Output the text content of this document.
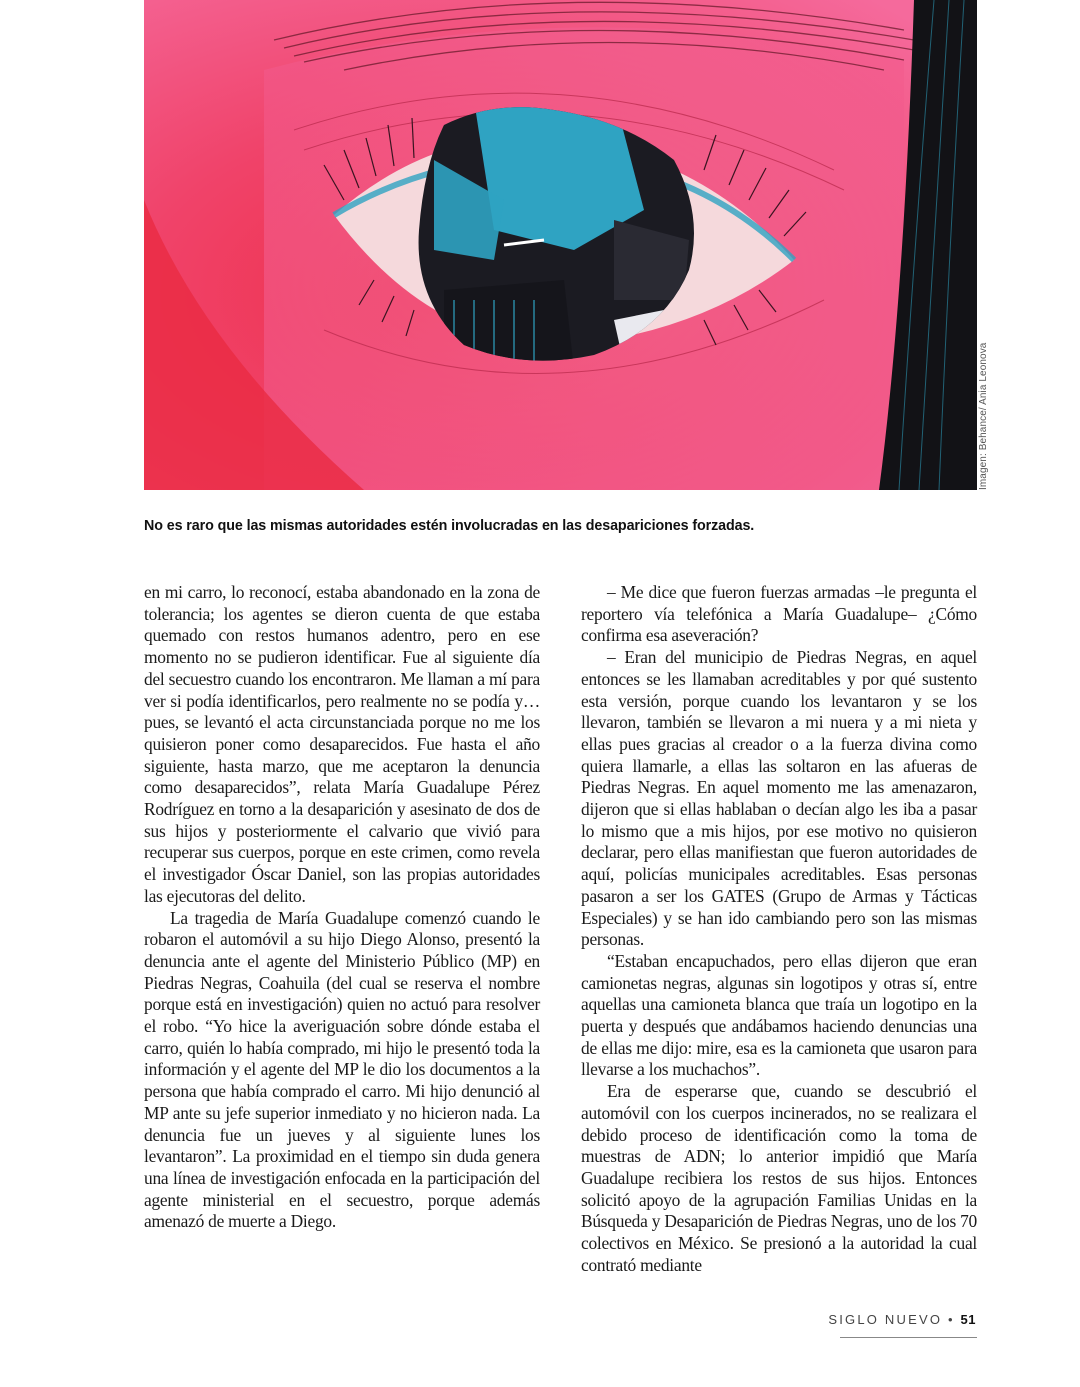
Imagen: Behance/ Ania Leonova
No es raro que las mismas autoridades estén involucradas en las desapariciones forzadas.

en mi carro, lo reconocí, estaba abandonado en la zona de tolerancia; los agentes se dieron cuenta de que estaba quemado con restos humanos adentro, pero en ese momento no se pudieron identificar. Fue al siguiente día del secuestro cuando los encontraron. Me llaman a mí para ver si podía identificarlos, pero realmente no se podía y… pues, se levantó el acta circunstanciada porque no me los quisieron poner como desaparecidos. Fue hasta el año siguiente, hasta marzo, que me aceptaron la denuncia como desaparecidos”, relata María Guadalupe Pérez Rodríguez en torno a la desaparición y asesinato de dos de sus hijos y posteriormente el calvario que vivió para recuperar sus cuerpos, porque en este crimen, como revela el investigador Óscar Daniel, son las propias autoridades las ejecutoras del delito.

La tragedia de María Guadalupe comenzó cuando le robaron el automóvil a su hijo Diego Alonso, presentó la denuncia ante el agente del Ministerio Público (MP) en Piedras Negras, Coahuila (del cual se reserva el nombre porque está en investigación) quien no actuó para resolver el robo. “Yo hice la averiguación sobre dónde estaba el carro, quién lo había comprado, mi hijo le presentó toda la información y el agente del MP le dio los documentos a la persona que había comprado el carro. Mi hijo denunció al MP ante su jefe superior inmediato y no hicieron nada. La denuncia fue un jueves y al siguiente lunes los levantaron”. La proximidad en el tiempo sin duda genera una línea de investigación enfocada en la participación del agente ministerial en el secuestro, porque además amenazó de muerte a Diego.

– Me dice que fueron fuerzas armadas –le pregunta el reportero vía telefónica a María Guadalupe– ¿Cómo confirma esa aseveración?

– Eran del municipio de Piedras Negras, en aquel entonces se les llamaban acreditables y por qué sustento esta versión, porque cuando los levantaron y se los llevaron, también se llevaron a mi nuera y a mi nieta y ellas pues gracias al creador o a la fuerza divina como quiera llamarle, a ellas las soltaron en las afueras de Piedras Negras. En aquel momento me las amenazaron, dijeron que si ellas hablaban o decían algo les iba a pasar lo mismo que a mis hijos, por ese motivo no quisieron declarar, pero ellas manifiestan que fueron autoridades de aquí, policías municipales acreditables. Esas personas pasaron a ser los GATES (Grupo de Armas y Tácticas Especiales) y se han ido cambiando pero son las mismas personas.

“Estaban encapuchados, pero ellas dijeron que eran camionetas negras, algunas sin logotipos y otras sí, entre aquellas una camioneta blanca que traía un logotipo en la puerta y después que andábamos haciendo denuncias una de ellas me dijo: mire, esa es la camioneta que usaron para llevarse a los muchachos”.

Era de esperarse que, cuando se descubrió el automóvil con los cuerpos incinerados, no se realizara el debido proceso de identificación como la toma de muestras de ADN; lo anterior impidió que María Guadalupe recibiera los restos de sus hijos. Entonces solicitó apoyo de la agrupación Familias Unidas en la Búsqueda y Desaparición de Piedras Negras, uno de los 70 colectivos en México. Se presionó a la autoridad la cual contrató mediante

SIGLO NUEVO • 51
